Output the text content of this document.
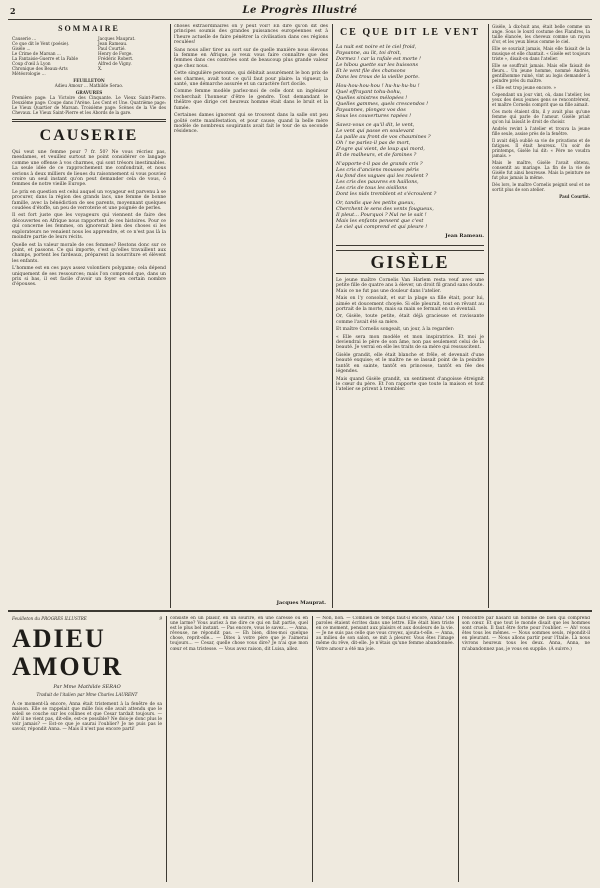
2	Le Progrès Illustré
SOMMAIRE
Causerie ...
Ce que dit le Vent (poésie).
Gisèle ...
Le Crime de Marsan ...
La Fantaisie-Guerre et la Fable
Coup d'œil à Lyon
Chronique des Beaux-Arts
Météorologie ...
Jacques Mauprat.
Jean Rameau.
Paul Courtié.
Henry de Forge.
Frédéric Robert.
Alfred de Vigny.
X.
FEUILLETON
Adieu Amour ... Mathilde Serao.
GRAVURES
Première page: La Victoire des Cinquante. Le Vieux Saint-Pierre. Deuxième page: Coupe dans l'Arène. Les Cent et Une. Quatrième page: Le Vieux Quartier de Marsan. Troisième page: Scènes de la Vie des Chevaux. Le Vieux Saint-Pierre et les Abords de la gare.
CAUSERIE

Qui veut une femme pour 7 fr. 50? Ne vous récriez pas, mesdames, et veuillez surtout ne point considérer ce langage comme une offense à vos charmes, qui sont trésors inestimables. La seule idée de ce rapprochement me confondrait, et nous serions à deux milliers de lieues du raisonnement si vous pouviez croire un seul instant qu'on peut demander cela de vous, ô femmes de notre vieille Europe.

Le prix en question est celui auquel un voyageur est parvenu à se procurer, dans la région des grands lacs, une femme de bonne famille, avec la bénédiction de ses parents, moyennant quelques coudées d'étoffe, un peu de verroterie et une poignée de perles.

Il est fort juste que les voyageurs qui viennent de faire des découvertes en Afrique nous rapportent de ces histoires. Pour ce qui concerne les femmes, on ignorerait bien des choses si les explorateurs ne venaient nous les apprendre, et ce n'est pas là la moindre partie de leurs récits.

Quelle est la valeur morale de ces femmes? Restons donc sur ce point, et passons. Ce qui importe, c'est qu'elles travaillent aux champs, portent les fardeaux, préparent la nourriture et élèvent les enfants.

L'homme est en ces pays assez volontiers polygame; cela dépend uniquement de ses ressources; mais l'on comprend que, dans un prix si bas, il est facile d'avoir un foyer en certain nombre d'épouses.

choses extraordinaires on y peut voir! En dire qu'on dit des principes soumis des grandes puissances européennes est à l'heure actuelle de faire pénétrer la civilisation dans ces régions reculées!

Sans nous aller tirer au sort sur de quelle manière nous élevons la femme en Afrique, je veux vous faire connaître que des femmes dans ces contrées sont de beaucoup plus grande valeur que chez nous.

Cette singulière personne, qui débitait assurément le bon prix de ses charmes, avait tout ce qu'il faut pour plaire: la vigueur, la santé, une démarche assurée et un caractère fort docile.

Comme femme modèle parlez-moi de celle dont un ingénieur recherchait l'honneur d'être le gendre. Tout demandant le théâtre que dirige cet heureux homme était dans le bruit et la fumée.

Certaines dames ignorent qui se trouvent dans la salle ont peu goûté cette manifestation, et pour cause; quand la belle mère modèle de nombreux soupirants avait fait le tour de sa seconde résidence.

Jacques Mauprat.
CE QUE DIT LE VENT
La nuit est noire et le ciel froid,
Paysanne, au lit, toi droit,
Dormez ! car la rafale est morte !
Le hibou guette sur les buissons
Et le vent file des chansons
Dans les trous de la vieille porte.
Hou-hou-hou-hou ! hu-hu-hu-hu !
Quel effrayant tohu-bohu,
Quelles sinistres mélopées !
Quelles gammes, quels crescendos !
Paysannes, plongez vos dos
Sous les couvertures rapées !
Savez-vous ce qu'il dit, le vent,
Le vent qui passe en soulevant
La paille au front de vos chaumines ?
Oh ! ne parlez-il pas de mort,
D'ogre qui vient, de loup qui mord,
Et de malheurs, et de famines ?
N'apporte-t-il pas de grands cris ?
Les cris d'anciens mousses péris
Au fond des vagues qui les roulent ?
Les cris des pauvres en haillons,
Les cris de tous les oisillons
Dont les nids tremblent et s'écroulent ?
Or, tandis que les petits gueux,
Cherchent le sens des vents fougueux,
Il pleut... Pourquoi ? Nul ne le sait !
Mais les enfants pensent que c'est
Le ciel qui comprend et qui pleure !
Jean Rameau.
GISÈLE

Le jeune maître Cornelis Van Harlem resta veuf avec une petite fille de quatre ans à élever, un droit fil grand sans doute. Mais ce ne fut pas une douleur dans l'atelier.

Mais on l'y consolait, et sur la plage sa fille était, pour lui, aimée et doucement choyée. Si elle pleurait, tout en rêvant au portrait de la morte, mais sa main se fermait en un éventail.

Or, Gisèle, toute petite, était déjà gracieuse et ravissante comme l'avait été sa mère.

Et maître Cornelis songeait, un jour, à la regarder:

« Elle sera mon modèle et mon inspiratrice. Et moi je deviendrai le père de son âme, non pas seulement celui de la beauté. Je verrai en elle les traits de sa mère qui ressuscitent.

Gisèle grandit, elle était blanche et frêle, et devenait d'une beauté exquise; et le maître ne se lassait point de la peindre tantôt en sainte, tantôt en princesse, tantôt en fée des légendes.

Mais quand Gisèle grandit, un sentiment d'angoisse étreignit le cœur du père. Et l'on rapporte que toute la maison et tout l'atelier se prirent à trembler.

Gisèle, à dix-huit ans, était belle comme un ange. Sous le lourd costume des Flandres, la taille élancée, les cheveux comme un rayon d'or, et les yeux bleus comme le ciel.

Elle se souriait jamais, Mais elle faisait de la musique et elle chantait. « Gisèle est toujours triste », disait-on dans l'atelier.

Elle se souffrait jamais. Mais elle faisait de fleurs... Un jeune homme, nommé Andrès, gentilhomme ruiné, vint au logis demander à peindre près du maître.

« Elle est trop jeune encore. »

Cependant un jour vint, où, dans l'atelier, les yeux des deux jeunes gens se rencontrèrent, et maître Cornelis comprit que sa fille aimait.

Ces mots étaient dits, il y avait plus qu'une femme qui parle de l'amour. Gisèle priait qu'on lui laissât le droit de choisir.

Andrès revint à l'atelier et trouva la jeune fille seule, assise près de la fenêtre.

Il avait déjà oublié sa vie de privations et de fatigues. Il était heureux. Un soir de printemps, Gisèle lui dit: « Père ne voudra jamais. »

Mais le maître, Gisèle l'avait obtenu, consentit au mariage. La fin de la vie de Gisèle fut ainsi heureuse. Mais la peinture ne fut plus jamais la même.

Dès lors, le maître Cornelis peignit seul et ne sortit plus de son atelier.

Paul Courtié.

Feuilleton du PROGRÈS ILLUSTRÉ	9
ADIEU AMOUR
Par Mme Mathilde SERAO
Traduit de l'italien par Mme Charles LAURENT
À ce moment-là encore, Anna était tristement à la fenêtre de sa maison. Elle se rappelait que mille fois elle avait attendu que le soleil se couche sur les collines et que Cesar tardait toujours. — Ah! il ne vient pas, dit-elle, est-ce possible? Ne dois-je donc plus le voir jamais? — Est-ce que je saurai l'oublier? Je ne puis pas le savoir, répondit Anna. — Mais il n'est pas encore parti!
consiste en un plaisir, en un sourire, en une caresse ou en une larme? Vous auriez à me dire ce qui en fait partie, quel est le plus bel instant. — Pas encore, vous le savez... — Anna, rêveuse, ne répondit pas. — Eh bien, dites-moi quelque chose, reprit-elle... — Dites à votre père que je l'aimerai toujours... — Cesar, quelle chose vous dire? Je n'ai que mon cœur et ma tristesse. — Vous avez raison, dit Luisa, allez.
— Non, non. — Combien de temps faut-il encore, Anna? Ces paroles étaient écrites dans une lettre. Elle était bien triste en ce moment, pensant aux plaisirs et aux douleurs de la vie. — Je ne suis pas celle que vous croyez, ajouta-t-elle. — Anna, au milieu de son salon, se mit à pleurer. Vous êtes l'image même du rêve, dit-elle. Je n'étais qu'une femme abandonnée. Votre amour a été ma joie.
rencontre par hasard un homme de bien qui comprend son cœur. Et que tout le monde disait que les hommes sont cruels. Il faut être forte pour l'oublier. — Ah! vous êtes tous les mêmes. — Nous sommes seuls, répondit-il en pleurant. — Nous allons partir pour l'Italie. Là nous vivrons heureux tous les deux. Anna, Anna, ne m'abandonnez pas, je vous en supplie. (À suivre.)
